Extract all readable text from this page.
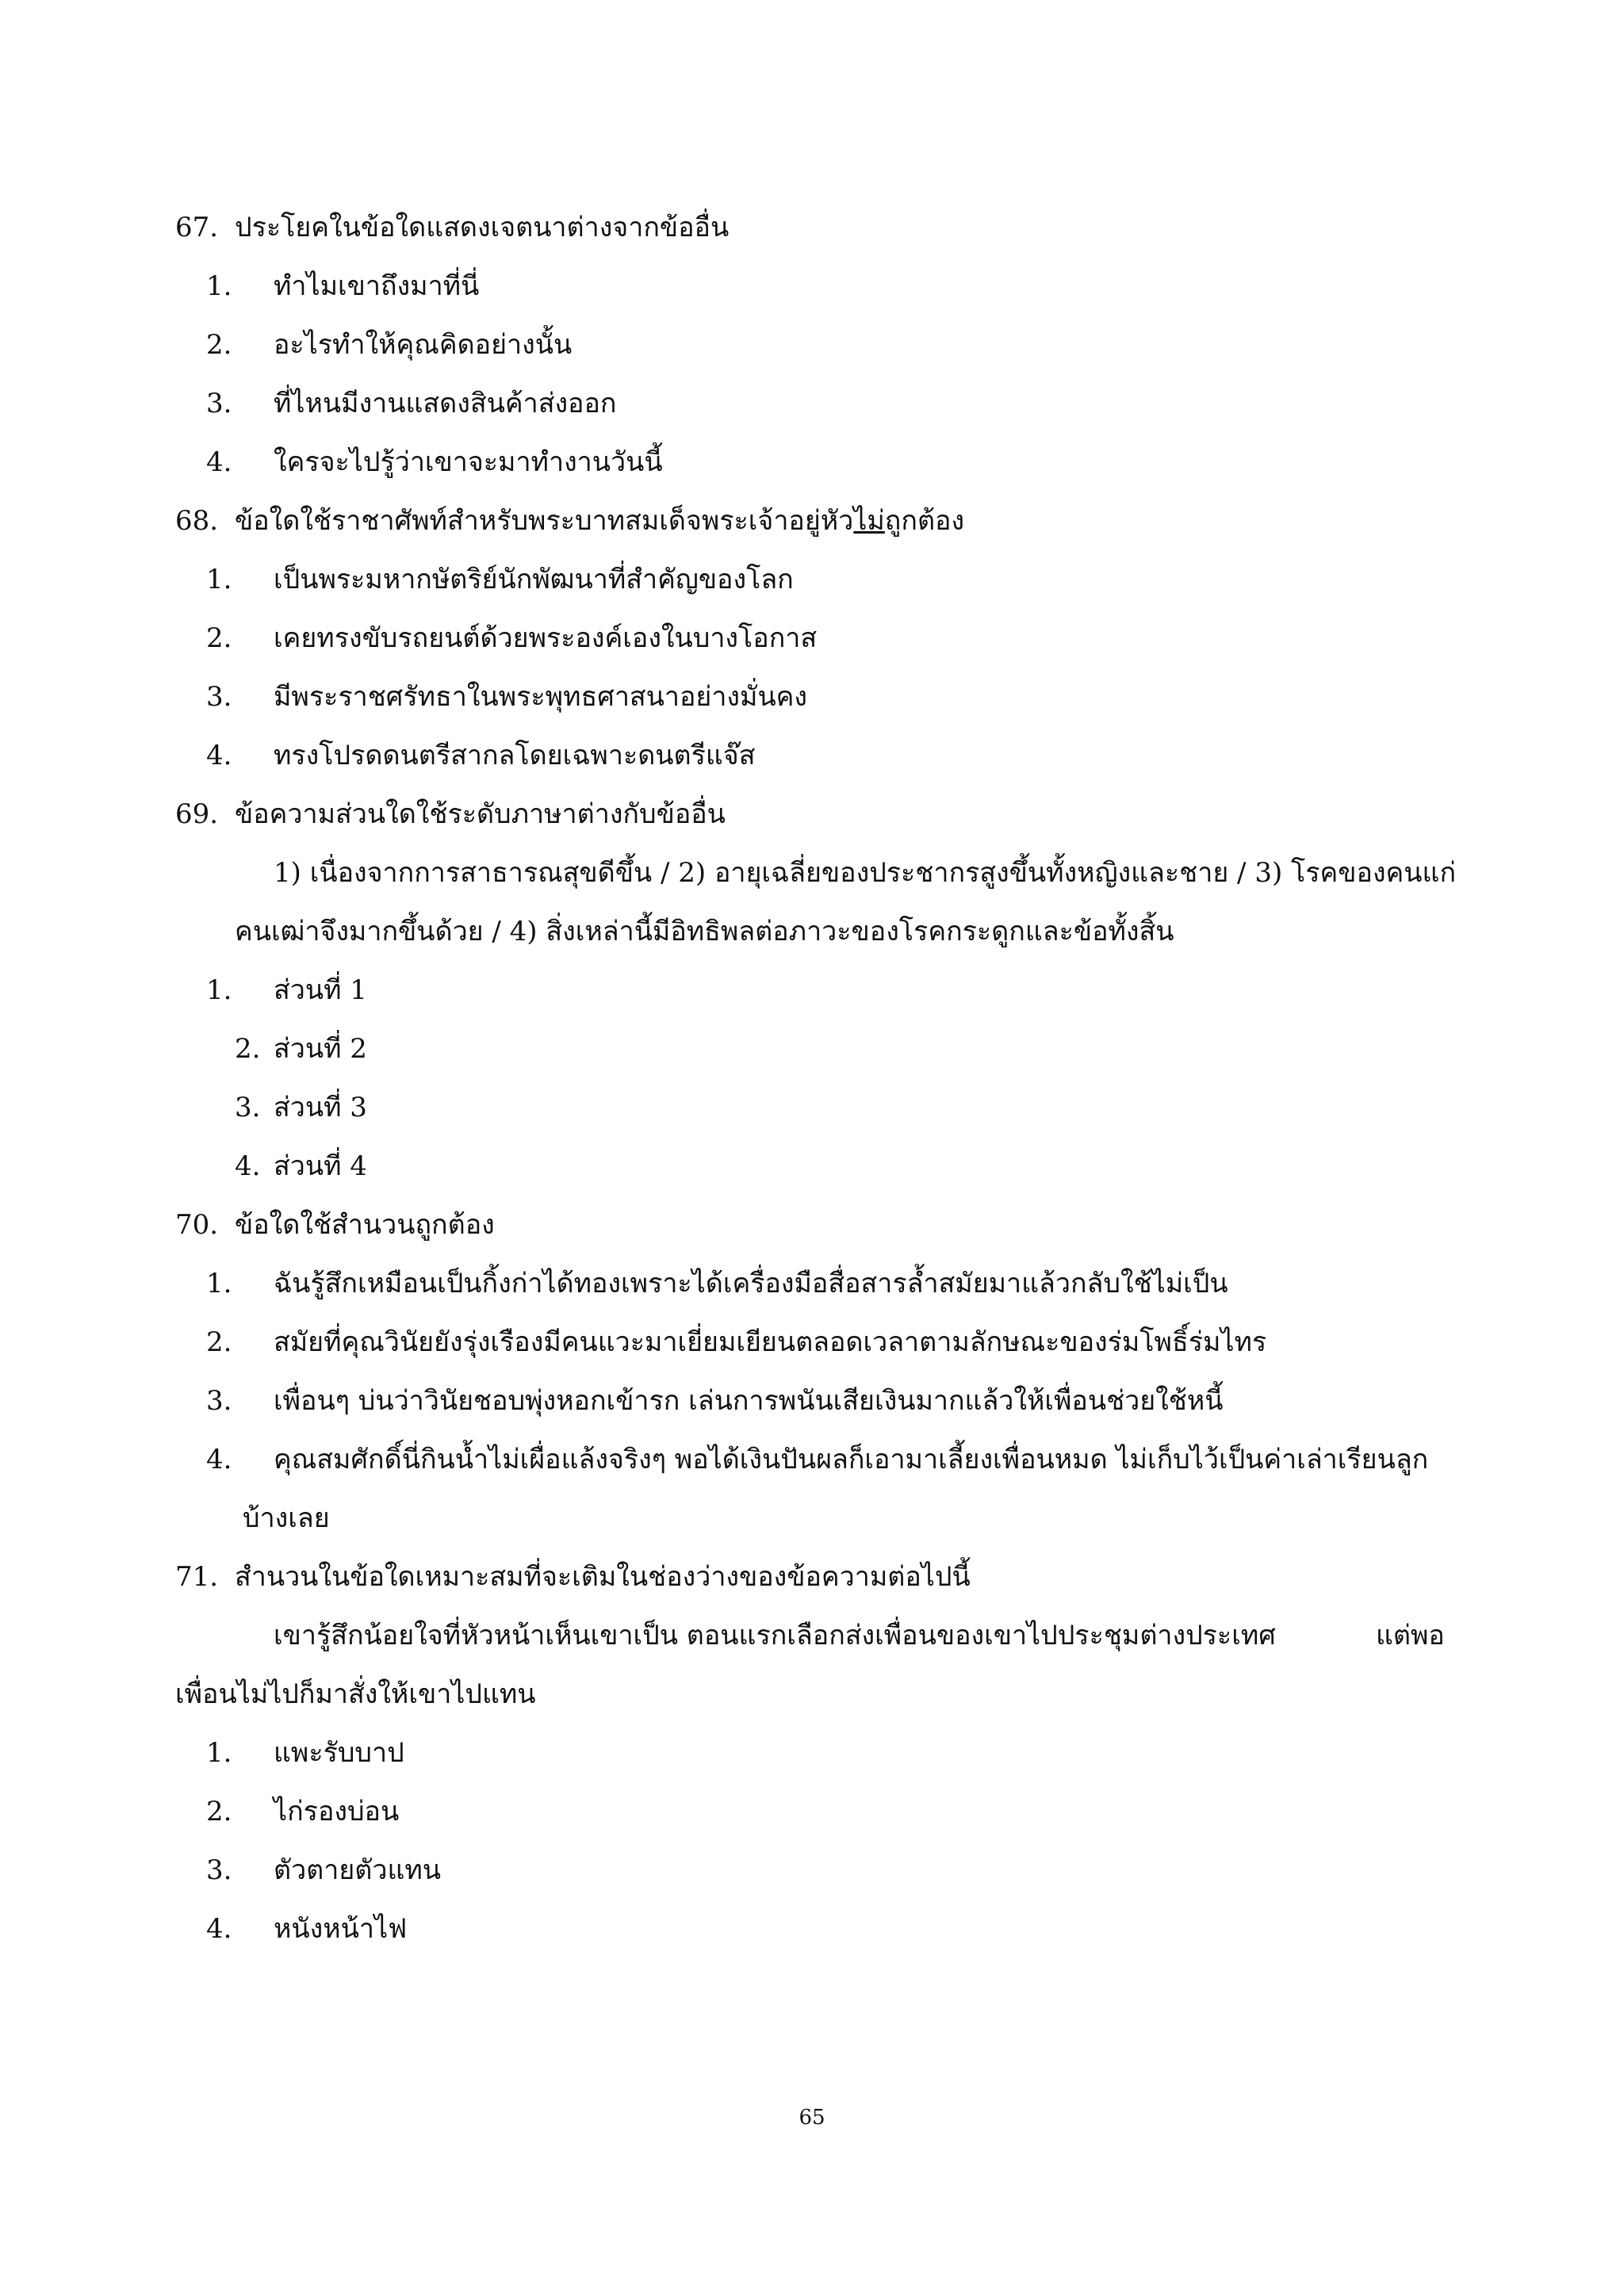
67. ประโยคในข้อใดแสดงเจตนาต่างจากข้ออื่น
1.	ทำไมเขาถึงมาที่นี่
2.	อะไรทำให้คุณคิดอย่างนั้น
3.	ที่ไหนมีงานแสดงสินค้าส่งออก
4.	ใครจะไปรู้ว่าเขาจะมาทำงานวันนี้
68. ข้อใดใช้ราชาศัพท์สำหรับพระบาทสมเด็จพระเจ้าอยู่หัวไม่ถูกต้อง
1.	เป็นพระมหากษัตริย์นักพัฒนาที่สำคัญของโลก
2.	เคยทรงขับรถยนต์ด้วยพระองค์เองในบางโอกาส
3.	มีพระราชศรัทธาในพระพุทธศาสนาอย่างมั่นคง
4.	ทรงโปรดดนตรีสากลโดยเฉพาะดนตรีแจ๊ส
69. ข้อความส่วนใดใช้ระดับภาษาต่างกับข้ออื่น
1) เนื่องจากการสาธารณสุขดีขึ้น / 2) อายุเฉลี่ยของประชากรสูงขึ้นทั้งหญิงและชาย / 3) โรคของคนแก่
คนเฒ่าจึงมากขึ้นด้วย / 4) สิ่งเหล่านี้มีอิทธิพลต่อภาวะของโรคกระดูกและข้อทั้งสิ้น
1.	ส่วนที่ 1
2. ส่วนที่ 2
3. ส่วนที่ 3
4. ส่วนที่ 4
70. ข้อใดใช้สำนวนถูกต้อง
1.	ฉันรู้สึกเหมือนเป็นกิ้งก่าได้ทองเพราะได้เครื่องมือสื่อสารล้ำสมัยมาแล้วกลับใช้ไม่เป็น
2.	สมัยที่คุณวินัยยังรุ่งเรืองมีคนแวะมาเยี่ยมเยียนตลอดเวลาตามลักษณะของร่มโพธิ์ร่มไทร
3.	เพื่อนๆ บ่นว่าวินัยชอบพุ่งหอกเข้ารก เล่นการพนันเสียเงินมากแล้วให้เพื่อนช่วยใช้หนี้
4.	คุณสมศักดิ์นี่กินน้ำไม่เผื่อแล้งจริงๆ พอได้เงินปันผลก็เอามาเลี้ยงเพื่อนหมด ไม่เก็บไว้เป็นค่าเล่าเรียนลูก
บ้างเลย
71. สำนวนในข้อใดเหมาะสมที่จะเติมในช่องว่างของข้อความต่อไปนี้
เขารู้สึกน้อยใจที่หัวหน้าเห็นเขาเป็น ตอนแรกเลือกส่งเพื่อนของเขาไปประชุมต่างประเทศ	แต่พอ
เพื่อนไม่ไปก็มาสั่งให้เขาไปแทน
1.	แพะรับบาป
2.	ไก่รองบ่อน
3.	ตัวตายตัวแทน
4.	หนังหน้าไฟ
65
